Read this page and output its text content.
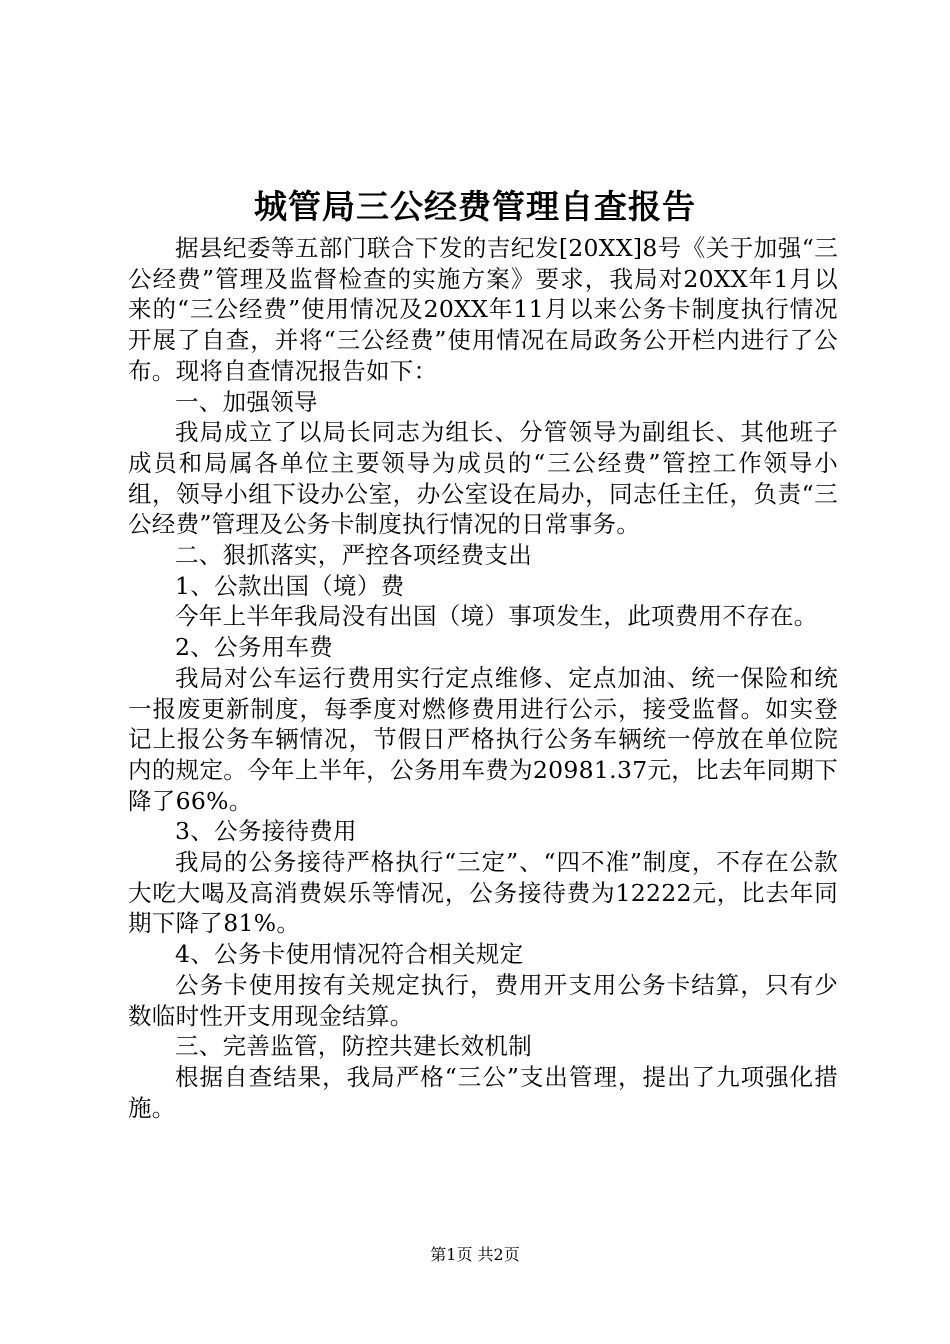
城管局三公经费管理自查报告

据县纪委等五部门联合下发的吉纪发[20XX]8号《关于加强“三公经费”管理及监督检查的实施方案》要求，我局对20XX年1月以来的“三公经费”使用情况及20XX年11月以来公务卡制度执行情况开展了自查，并将“三公经费”使用情况在局政务公开栏内进行了公布。现将自查情况报告如下：

一、加强领导

我局成立了以局长同志为组长、分管领导为副组长、其他班子成员和局属各单位主要领导为成员的“三公经费”管控工作领导小组，领导小组下设办公室，办公室设在局办，同志任主任，负责“三公经费”管理及公务卡制度执行情况的日常事务。

二、狠抓落实，严控各项经费支出

1、公款出国（境）费

今年上半年我局没有出国（境）事项发生，此项费用不存在。

2、公务用车费

我局对公车运行费用实行定点维修、定点加油、统一保险和统一报废更新制度，每季度对燃修费用进行公示，接受监督。如实登记上报公务车辆情况，节假日严格执行公务车辆统一停放在单位院内的规定。今年上半年，公务用车费为20981.37元，比去年同期下降了66%。

3、公务接待费用

我局的公务接待严格执行“三定”、“四不准”制度，不存在公款大吃大喝及高消费娱乐等情况，公务接待费为12222元，比去年同期下降了81%。

4、公务卡使用情况符合相关规定

公务卡使用按有关规定执行，费用开支用公务卡结算，只有少数临时性开支用现金结算。

三、完善监管，防控共建长效机制

根据自查结果，我局严格“三公”支出管理，提出了九项强化措施。

第1页 共2页
